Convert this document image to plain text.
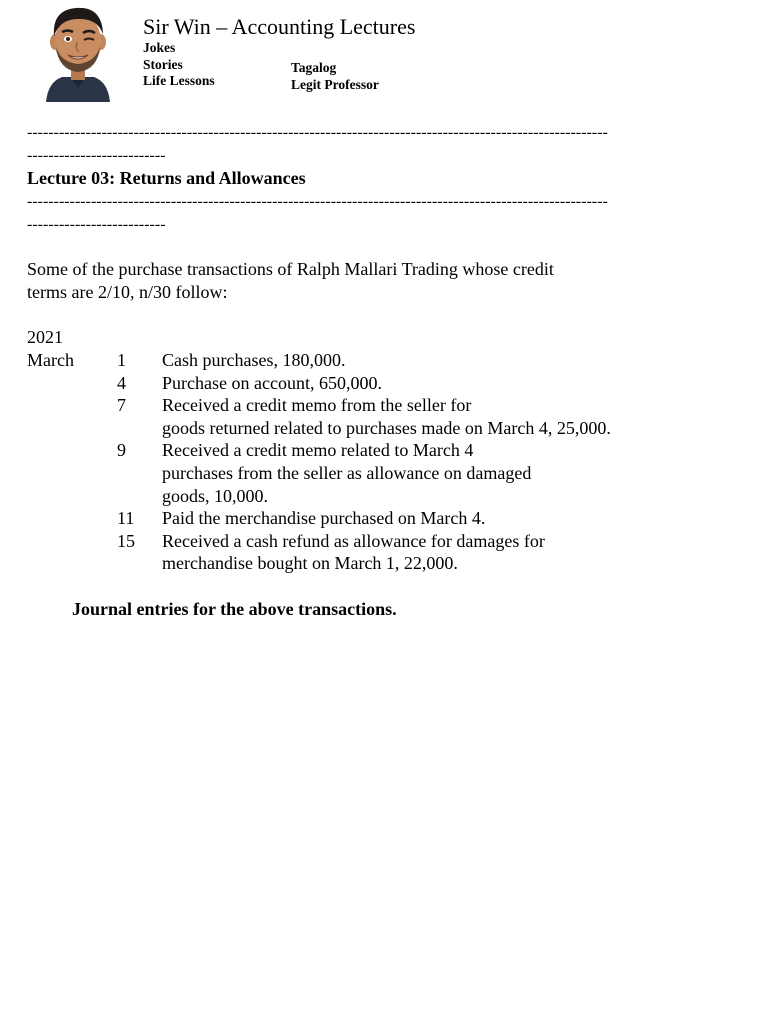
Sir Win – Accounting Lectures
Jokes
Stories
Life Lessons
Tagalog
Legit Professor
-------------------------------------------------------------------------------------------------------------
--------------------------
Lecture 03: Returns and Allowances
-------------------------------------------------------------------------------------------------------------
--------------------------
Some of the purchase transactions of Ralph Mallari Trading whose credit
terms are 2/10, n/30 follow:
2021
March	1	Cash purchases, 180,000.
4	Purchase on account, 650,000.
7	Received a credit memo from the seller for
goods returned related to purchases made on March 4, 25,000.
9	Received a credit memo related to March 4
purchases from the seller as allowance on damaged
goods, 10,000.
11	Paid the merchandise purchased on March 4.
15	Received a cash refund as allowance for damages for
merchandise bought on March 1, 22,000.
Journal entries for the above transactions.
